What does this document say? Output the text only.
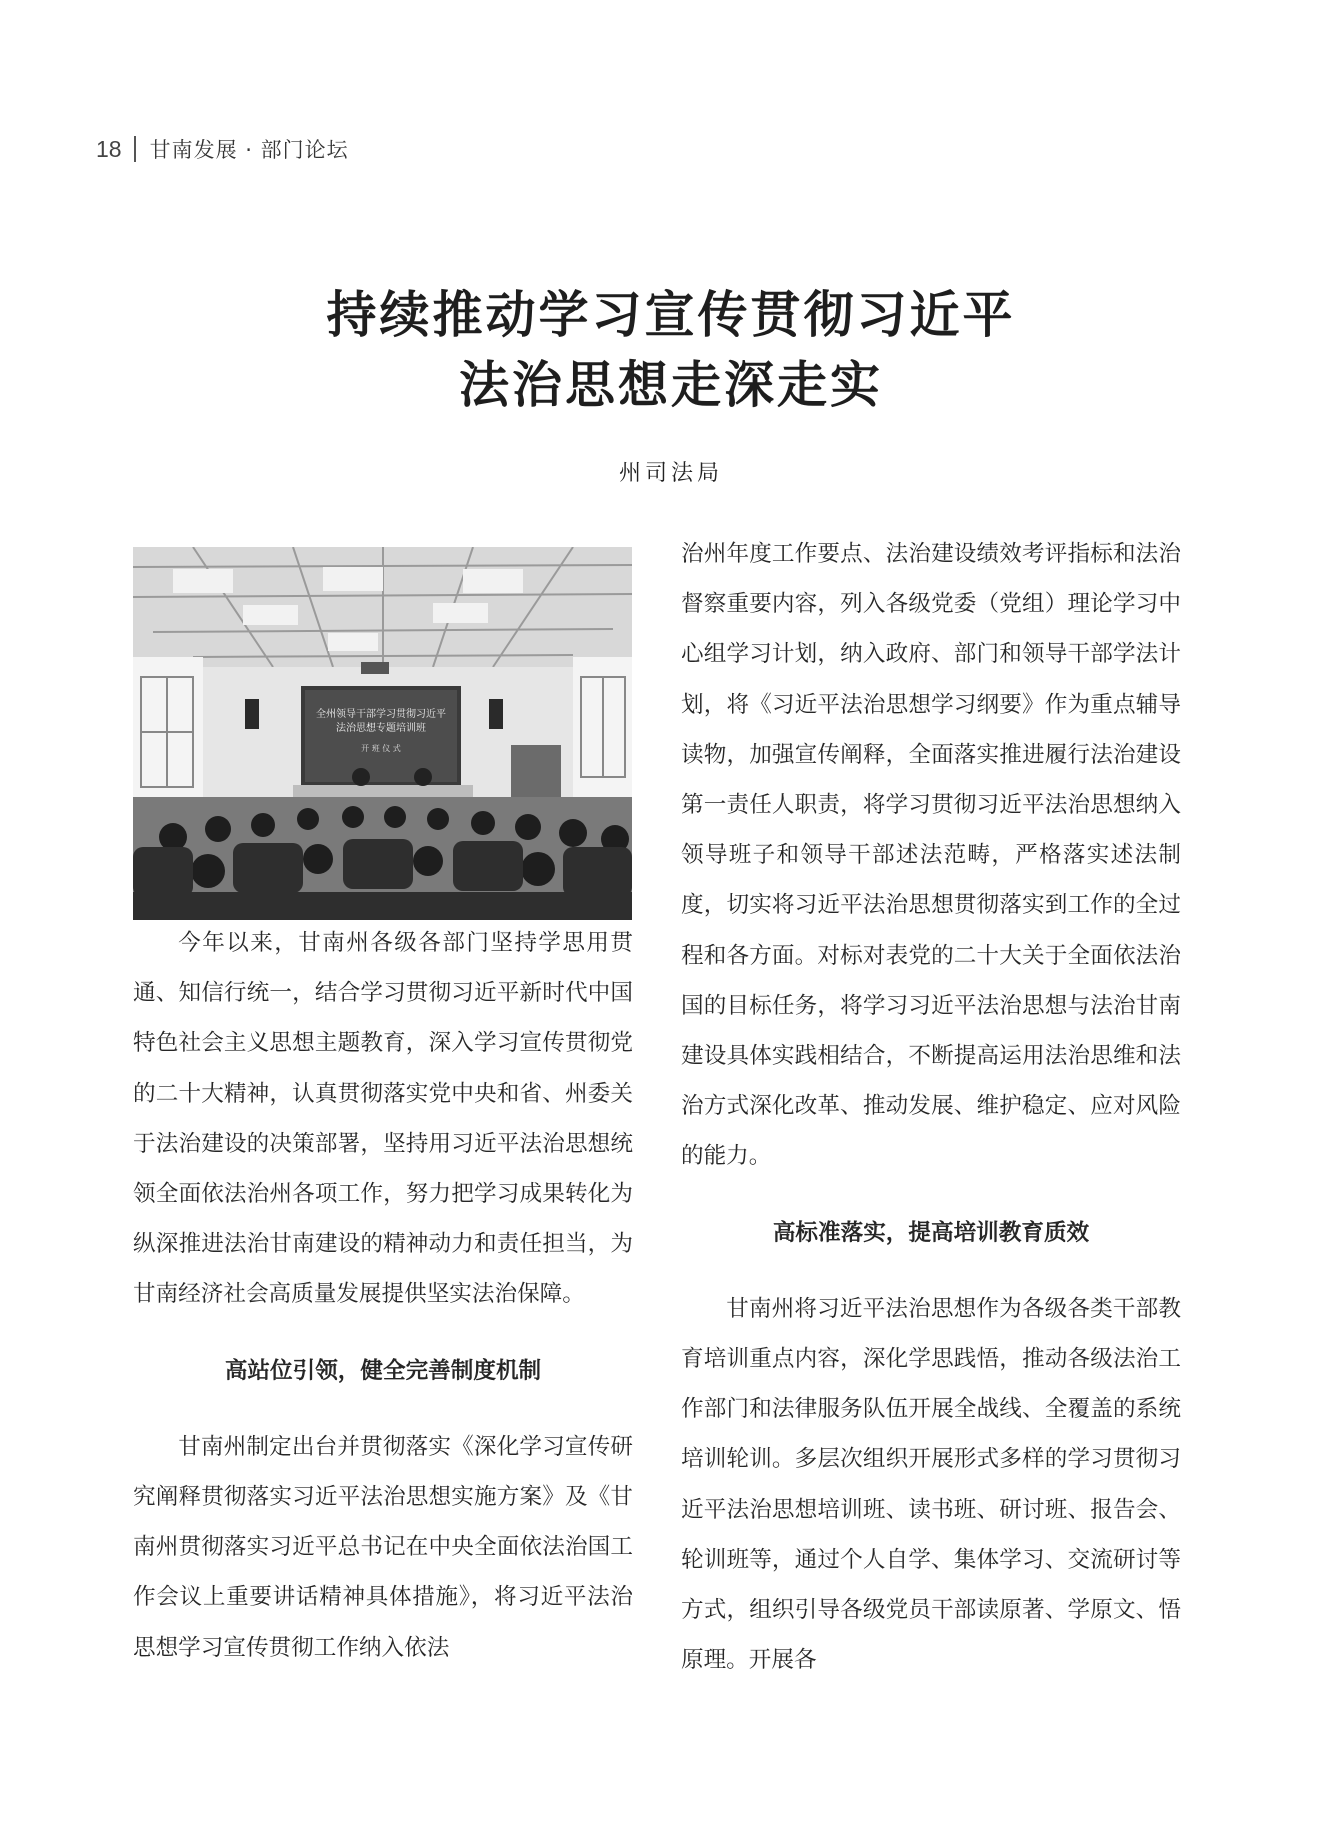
18 甘南发展 · 部门论坛
持续推动学习宣传贯彻习近平
法治思想走深走实
州司法局
全州领导干部学习贯彻习近平
法治思想专题培训班
开 班 仪 式

今年以来，甘南州各级各部门坚持学思用贯通、知信行统一，结合学习贯彻习近平新时代中国特色社会主义思想主题教育，深入学习宣传贯彻党的二十大精神，认真贯彻落实党中央和省、州委关于法治建设的决策部署，坚持用习近平法治思想统领全面依法治州各项工作，努力把学习成果转化为纵深推进法治甘南建设的精神动力和责任担当，为甘南经济社会高质量发展提供坚实法治保障。

高站位引领，健全完善制度机制

甘南州制定出台并贯彻落实《深化学习宣传研究阐释贯彻落实习近平法治思想实施方案》及《甘南州贯彻落实习近平总书记在中央全面依法治国工作会议上重要讲话精神具体措施》，将习近平法治思想学习宣传贯彻工作纳入依法

治州年度工作要点、法治建设绩效考评指标和法治督察重要内容，列入各级党委（党组）理论学习中心组学习计划，纳入政府、部门和领导干部学法计划，将《习近平法治思想学习纲要》作为重点辅导读物，加强宣传阐释，全面落实推进履行法治建设第一责任人职责，将学习贯彻习近平法治思想纳入领导班子和领导干部述法范畴，严格落实述法制度，切实将习近平法治思想贯彻落实到工作的全过程和各方面。对标对表党的二十大关于全面依法治国的目标任务，将学习习近平法治思想与法治甘南建设具体实践相结合，不断提高运用法治思维和法治方式深化改革、推动发展、维护稳定、应对风险的能力。

高标准落实，提高培训教育质效

甘南州将习近平法治思想作为各级各类干部教育培训重点内容，深化学思践悟，推动各级法治工作部门和法律服务队伍开展全战线、全覆盖的系统培训轮训。多层次组织开展形式多样的学习贯彻习近平法治思想培训班、读书班、研讨班、报告会、轮训班等，通过个人自学、集体学习、交流研讨等方式，组织引导各级党员干部读原著、学原文、悟原理。开展各
